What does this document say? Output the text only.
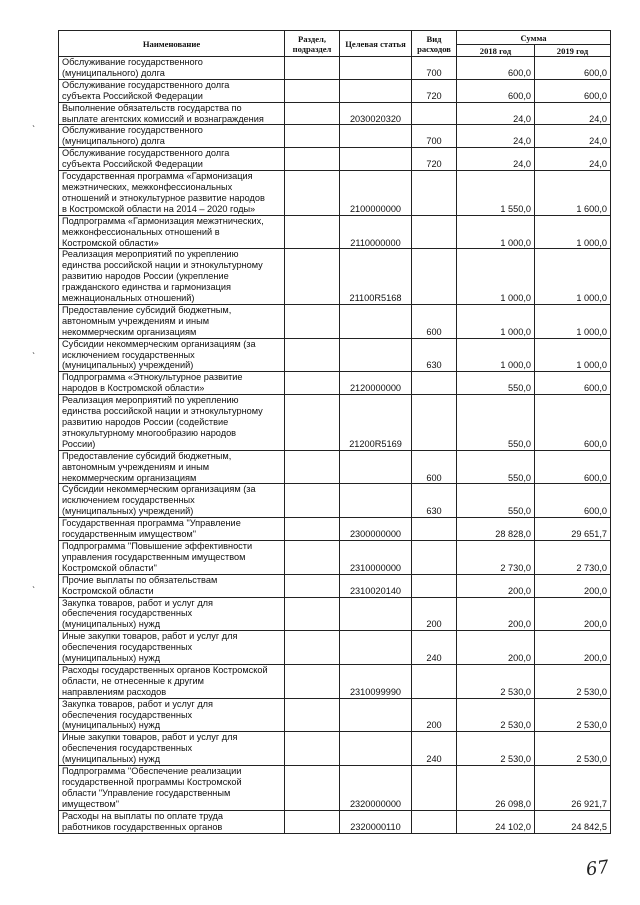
Наименование	Раздел, подраздел	Целевая статья	Вид расходов	Сумма	
				2018 год	2019 год
Обслуживание государственного
(муниципального) долга			700	600,0	600,0
Обслуживание государственного долга
субъекта Российской Федерации			720	600,0	600,0
Выполнение обязательств государства по
выплате агентских комиссий и вознаграждения		2030020320		24,0	24,0
Обслуживание государственного
(муниципального) долга			700	24,0	24,0
Обслуживание государственного долга
субъекта Российской Федерации			720	24,0	24,0
Государственная программа «Гармонизация
межэтнических, межконфессиональных
отношений и этнокультурное развитие народов
в Костромской области на 2014 – 2020 годы»		2100000000		1 550,0	1 600,0
Подпрограмма «Гармонизация межэтнических,
межконфессиональных отношений в
Костромской области»		2110000000		1 000,0	1 000,0
Реализация мероприятий по укреплению
единства российской нации и этнокультурному
развитию народов России (укрепление
гражданского единства и гармонизация
межнациональных отношений)		21100R5168		1 000,0	1 000,0
Предоставление субсидий бюджетным,
автономным учреждениям и иным
некоммерческим организациям			600	1 000,0	1 000,0
Субсидии некоммерческим организациям (за
исключением государственных
(муниципальных) учреждений)			630	1 000,0	1 000,0
Подпрограмма «Этнокультурное развитие
народов в Костромской области»		2120000000		550,0	600,0
Реализация мероприятий по укреплению
единства российской нации и этнокультурному
развитию народов России (содействие
этнокультурному многообразию народов
России)		21200R5169		550,0	600,0
Предоставление субсидий бюджетным,
автономным учреждениям и иным
некоммерческим организациям			600	550,0	600,0
Субсидии некоммерческим организациям (за
исключением государственных
(муниципальных) учреждений)			630	550,0	600,0
Государственная программа "Управление
государственным имуществом"		2300000000		28 828,0	29 651,7
Подпрограмма "Повышение эффективности
управления государственным имуществом
Костромской области"		2310000000		2 730,0	2 730,0
Прочие выплаты по обязательствам
Костромской области		2310020140		200,0	200,0
Закупка товаров, работ и услуг для
обеспечения государственных
(муниципальных) нужд			200	200,0	200,0
Иные закупки товаров, работ и услуг для
обеспечения государственных
(муниципальных) нужд			240	200,0	200,0
Расходы государственных органов Костромской
области, не отнесенные к другим
направлениям расходов		2310099990		2 530,0	2 530,0
Закупка товаров, работ и услуг для
обеспечения государственных
(муниципальных) нужд			200	2 530,0	2 530,0
Иные закупки товаров, работ и услуг для
обеспечения государственных
(муниципальных) нужд			240	2 530,0	2 530,0
Подпрограмма "Обеспечение реализации
государственной программы Костромской
области "Управление государственным
имуществом"		2320000000		26 098,0	26 921,7
Расходы на выплаты по оплате труда
работников государственных органов		2320000110		24 102,0	24 842,5
ˋ
ˋ
ˋ
67
